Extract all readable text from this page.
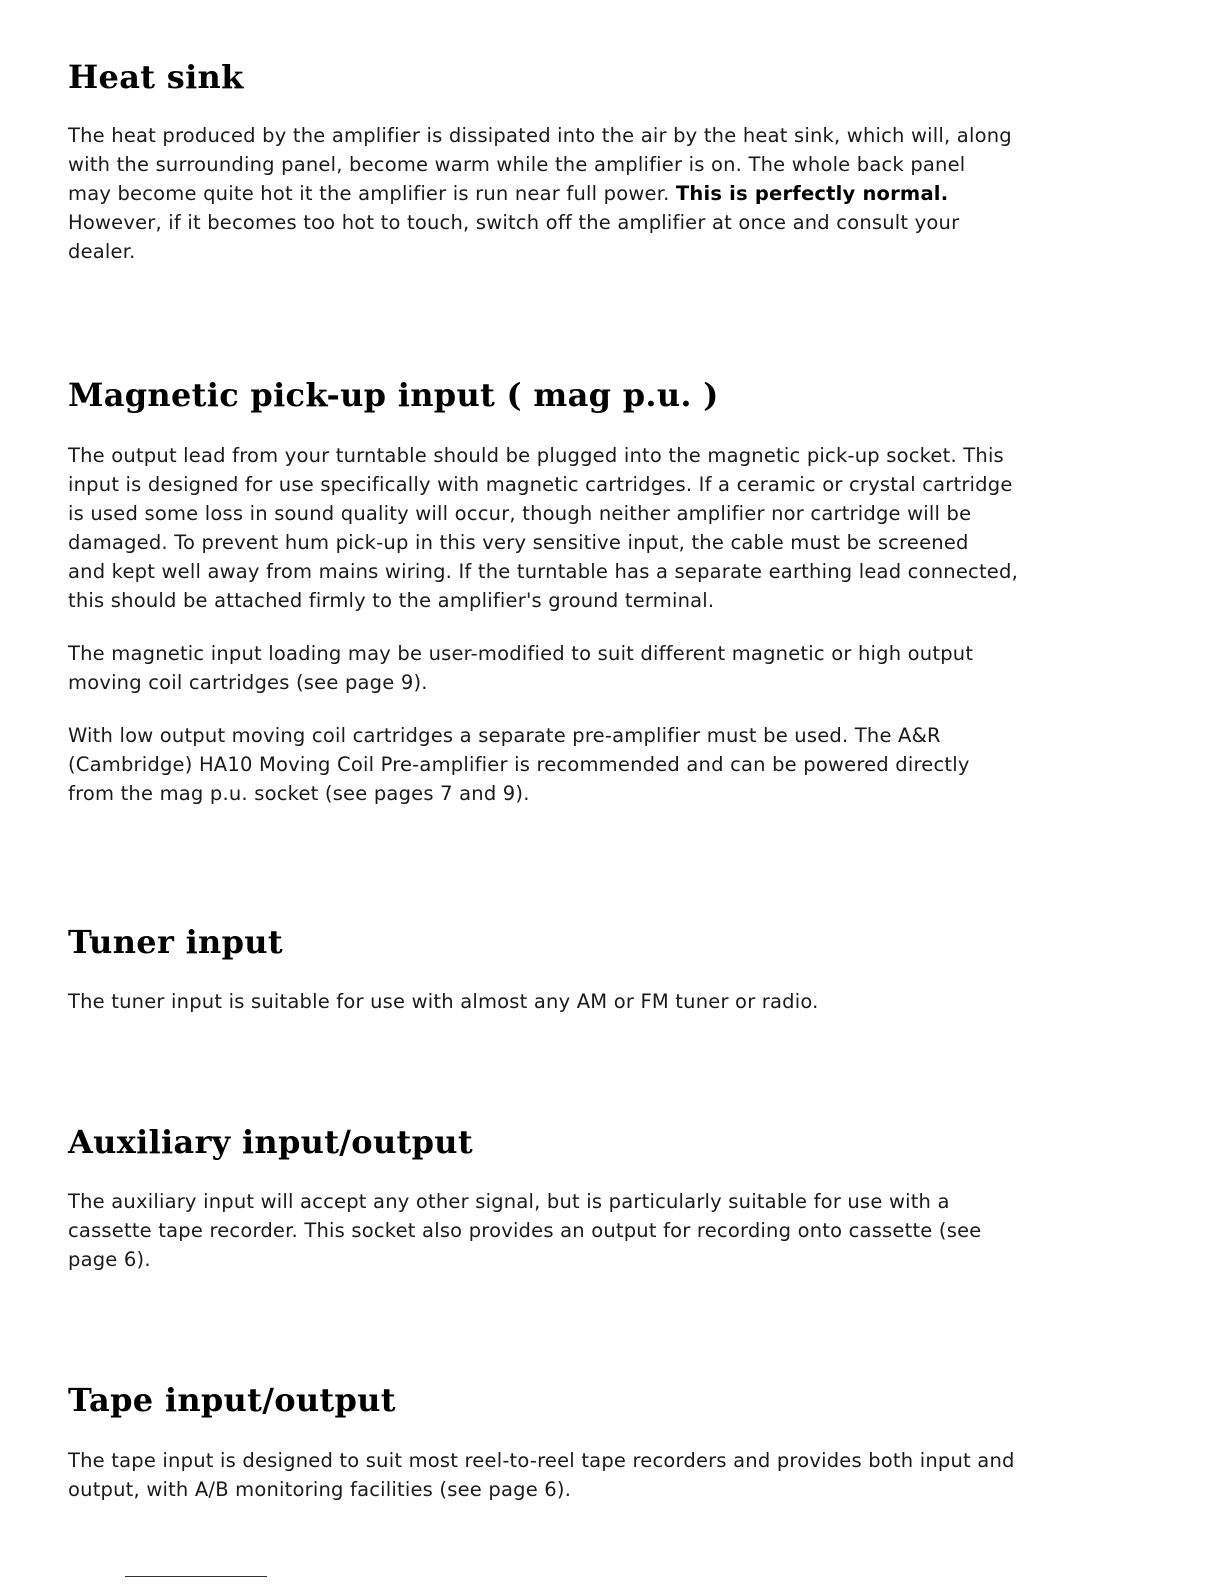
Heat sink

The heat produced by the amplifier is dissipated into the air by the heat sink, which will, along
with the surrounding panel, become warm while the amplifier is on. The whole back panel
may become quite hot it the amplifier is run near full power. This is perfectly normal.
However, if it becomes too hot to touch, switch off the amplifier at once and consult your
dealer.

Magnetic pick-up input ( mag p.u. )

The output lead from your turntable should be plugged into the magnetic pick-up socket. This
input is designed for use specifically with magnetic cartridges. If a ceramic or crystal cartridge
is used some loss in sound quality will occur, though neither amplifier nor cartridge will be
damaged. To prevent hum pick-up in this very sensitive input, the cable must be screened
and kept well away from mains wiring. If the turntable has a separate earthing lead connected,
this should be attached firmly to the amplifier's ground terminal.

The magnetic input loading may be user-modified to suit different magnetic or high output
moving coil cartridges (see page 9).

With low output moving coil cartridges a separate pre-amplifier must be used. The A&R
(Cambridge) HA10 Moving Coil Pre-amplifier is recommended and can be powered directly
from the mag p.u. socket (see pages 7 and 9).

Tuner input

The tuner input is suitable for use with almost any AM or FM tuner or radio.

Auxiliary input/output

The auxiliary input will accept any other signal, but is particularly suitable for use with a
cassette tape recorder. This socket also provides an output for recording onto cassette (see
page 6).

Tape input/output

The tape input is designed to suit most reel-to-reel tape recorders and provides both input and
output, with A/B monitoring facilities (see page 6).
